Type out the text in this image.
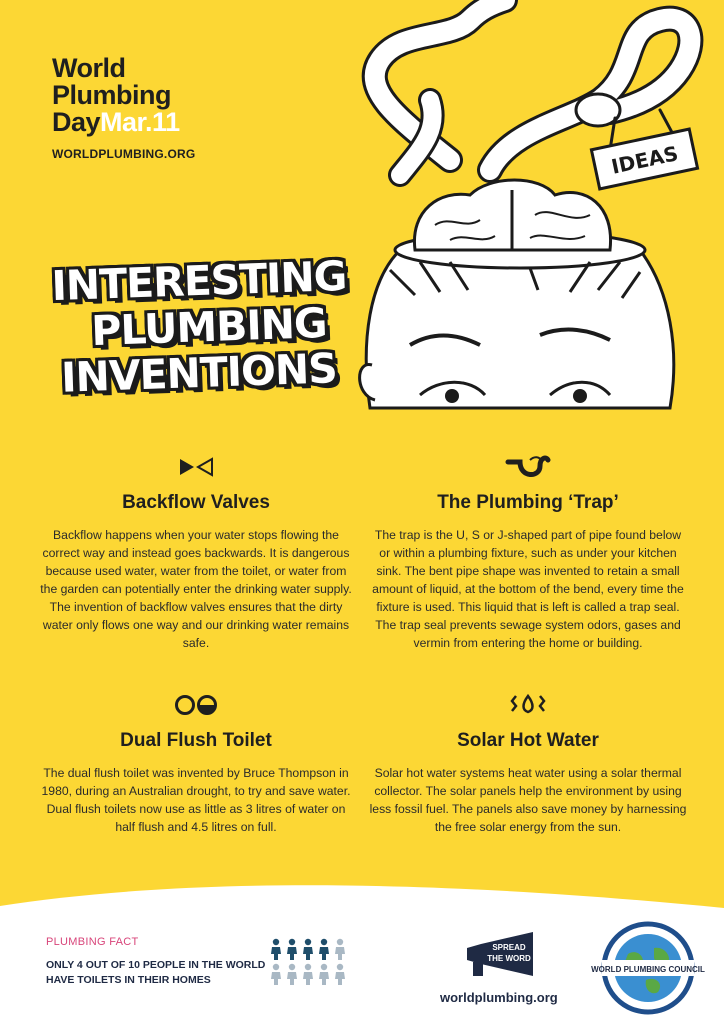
World
Plumbing
DayMar.11
WORLDPLUMBING.ORG	IDEAS
INTERESTING
PLUMBING
INVENTIONS
Backflow Valves

Backflow happens when your water stops flowing the correct way and instead goes backwards. It is dangerous because used water, water from the toilet, or water from the garden can potentially enter the drinking water supply. The invention of backflow valves ensures that the dirty water only flows one way and our drinking water remains safe.

The Plumbing ‘Trap’

The trap is the U, S or J-shaped part of pipe found below or within a plumbing fixture, such as under your kitchen sink. The bent pipe shape was invented to retain a small amount of liquid, at the bottom of the bend, every time the fixture is used. This liquid that is left is called a trap seal. The trap seal prevents sewage system odors, gases and vermin from entering the home or building.

Dual Flush Toilet

The dual flush toilet was invented by Bruce Thompson in 1980, during an Australian drought, to try and save water. Dual flush toilets now use as little as 3 litres of water on half flush and 4.5 litres on full.

Solar Hot Water

Solar hot water systems heat water using a solar thermal collector. The solar panels help the environment by using less fossil fuel. The panels also save money by harnessing the free solar energy from the sun.

PLUMBING FACT
ONLY 4 OUT OF 10 PEOPLE IN THE WORLD
HAVE TOILETS IN THEIR HOMES
SPREAD
THE WORD
worldplumbing.org
WORLD PLUMBING COUNCIL
